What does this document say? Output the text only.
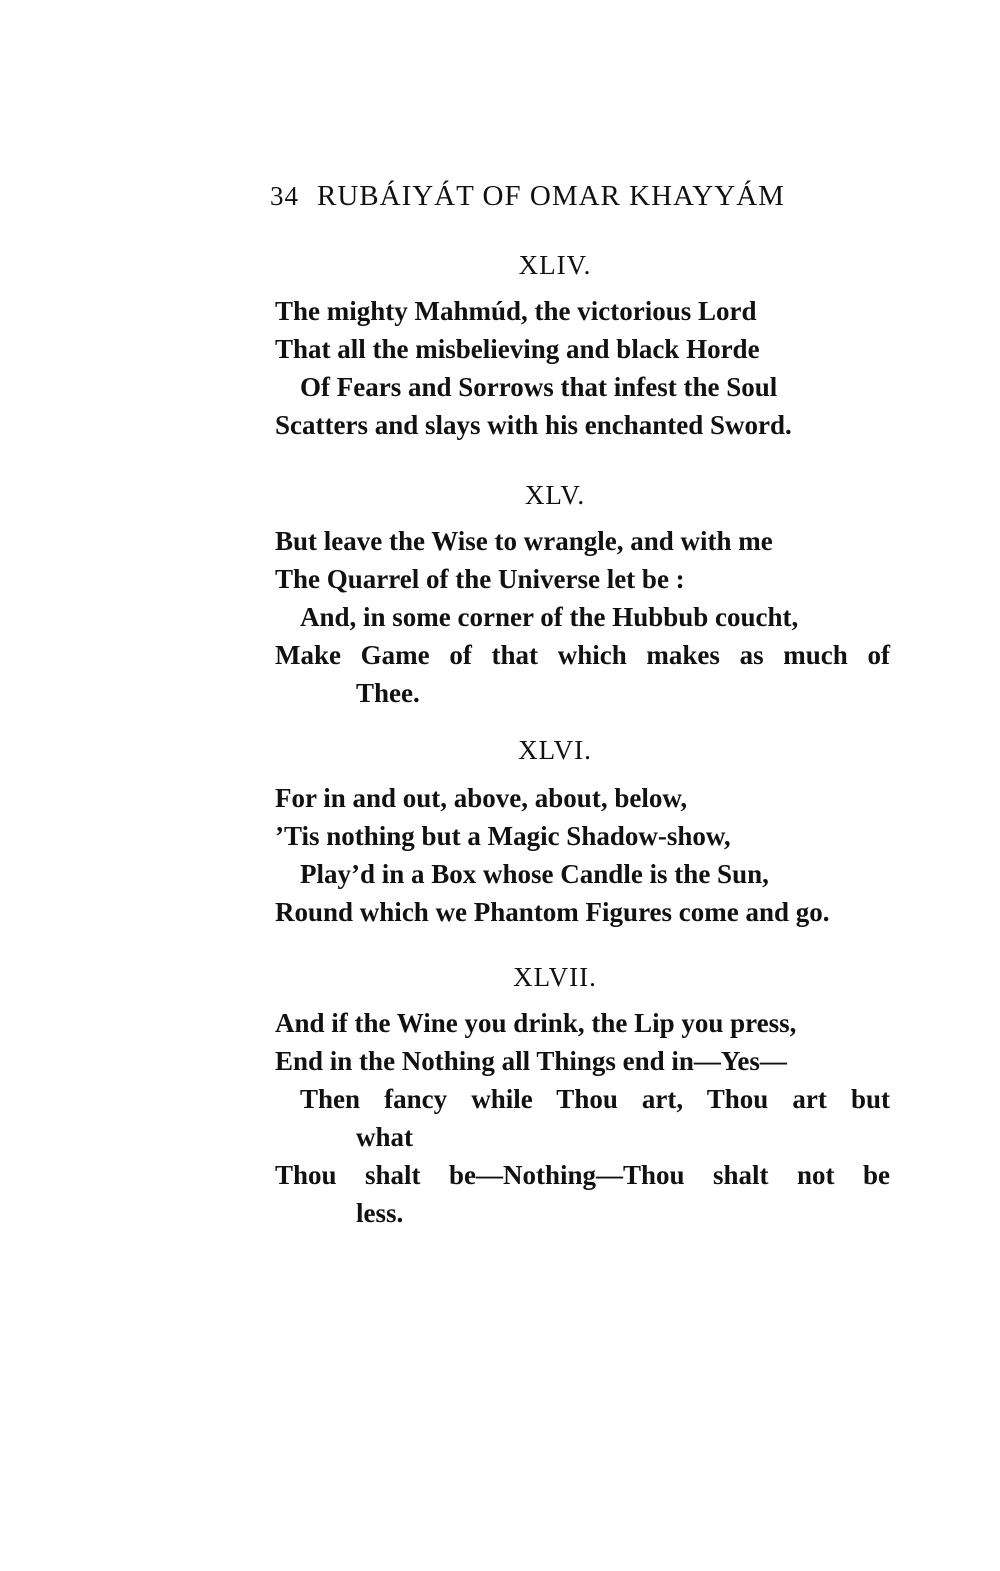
34 RUBÁIYÁT OF OMAR KHAYYÁM
XLIV.
The mighty Mahmúd, the victorious Lord
That all the misbelieving and black Horde
Of Fears and Sorrows that infest the Soul
Scatters and slays with his enchanted Sword.
XLV.
But leave the Wise to wrangle, and with me
The Quarrel of the Universe let be :
And, in some corner of the Hubbub coucht,
Make Game of that which makes as much of
Thee.
XLVI.
For in and out, above, about, below,
’Tis nothing but a Magic Shadow-show,
Play’d in a Box whose Candle is the Sun,
Round which we Phantom Figures come and go.
XLVII.
And if the Wine you drink, the Lip you press,
End in the Nothing all Things end in—Yes—
Then fancy while Thou art, Thou art but
what
Thou shalt be—Nothing—Thou shalt not be
less.
